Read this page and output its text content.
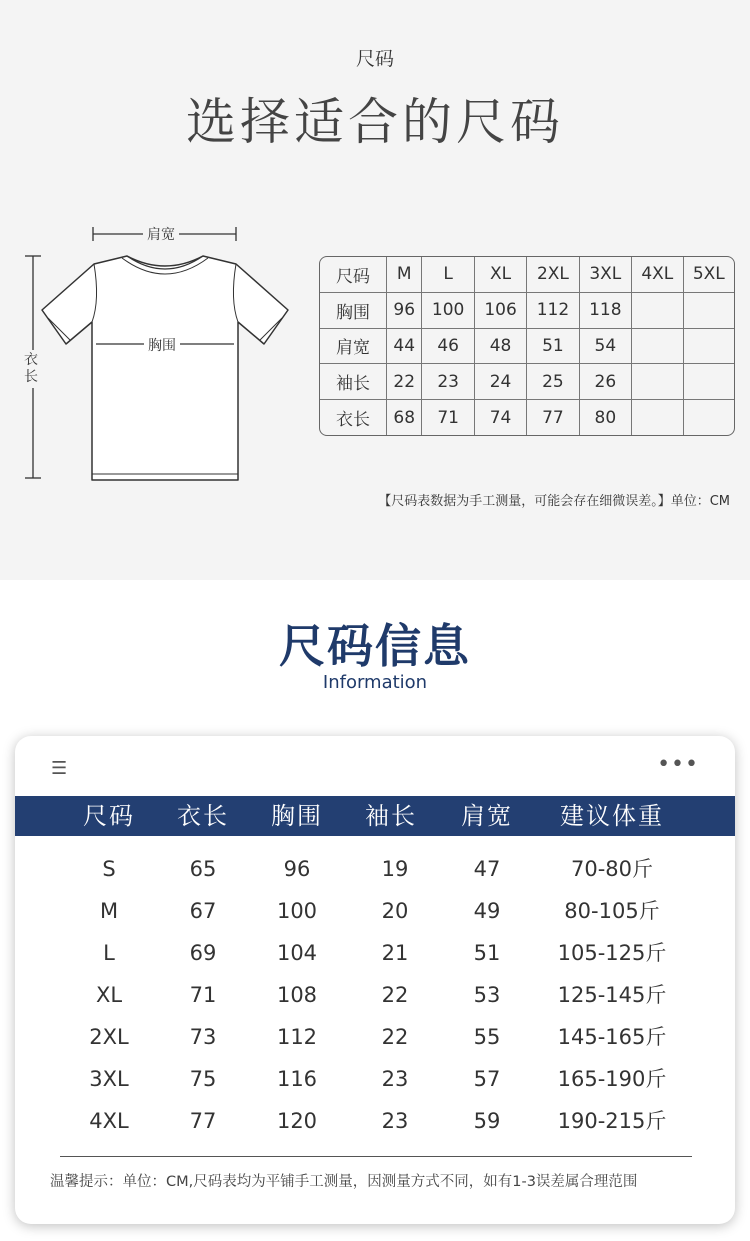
尺码
选择适合的尺码
肩宽
胸围
衣长
尺码	M	L	XL	2XL	3XL	4XL	5XL
胸围	96	100	106	112	118		
肩宽	44	46	48	51	54		
袖长	22	23	24	25	26		
衣长	68	71	74	77	80		
【尺码表数据为手工测量，可能会存在细微误差。】单位：CM
尺码信息
Information
☰	•••
尺码	衣长	胸围	袖长	肩宽	建议体重
S	65	96	19	47	70-80斤
M	67	100	20	49	80-105斤
L	69	104	21	51	105-125斤
XL	71	108	22	53	125-145斤
2XL	73	112	22	55	145-165斤
3XL	75	116	23	57	165-190斤
4XL	77	120	23	59	190-215斤
温馨提示：单位：CM,尺码表均为平铺手工测量，因测量方式不同，如有1-3误差属合理范围
